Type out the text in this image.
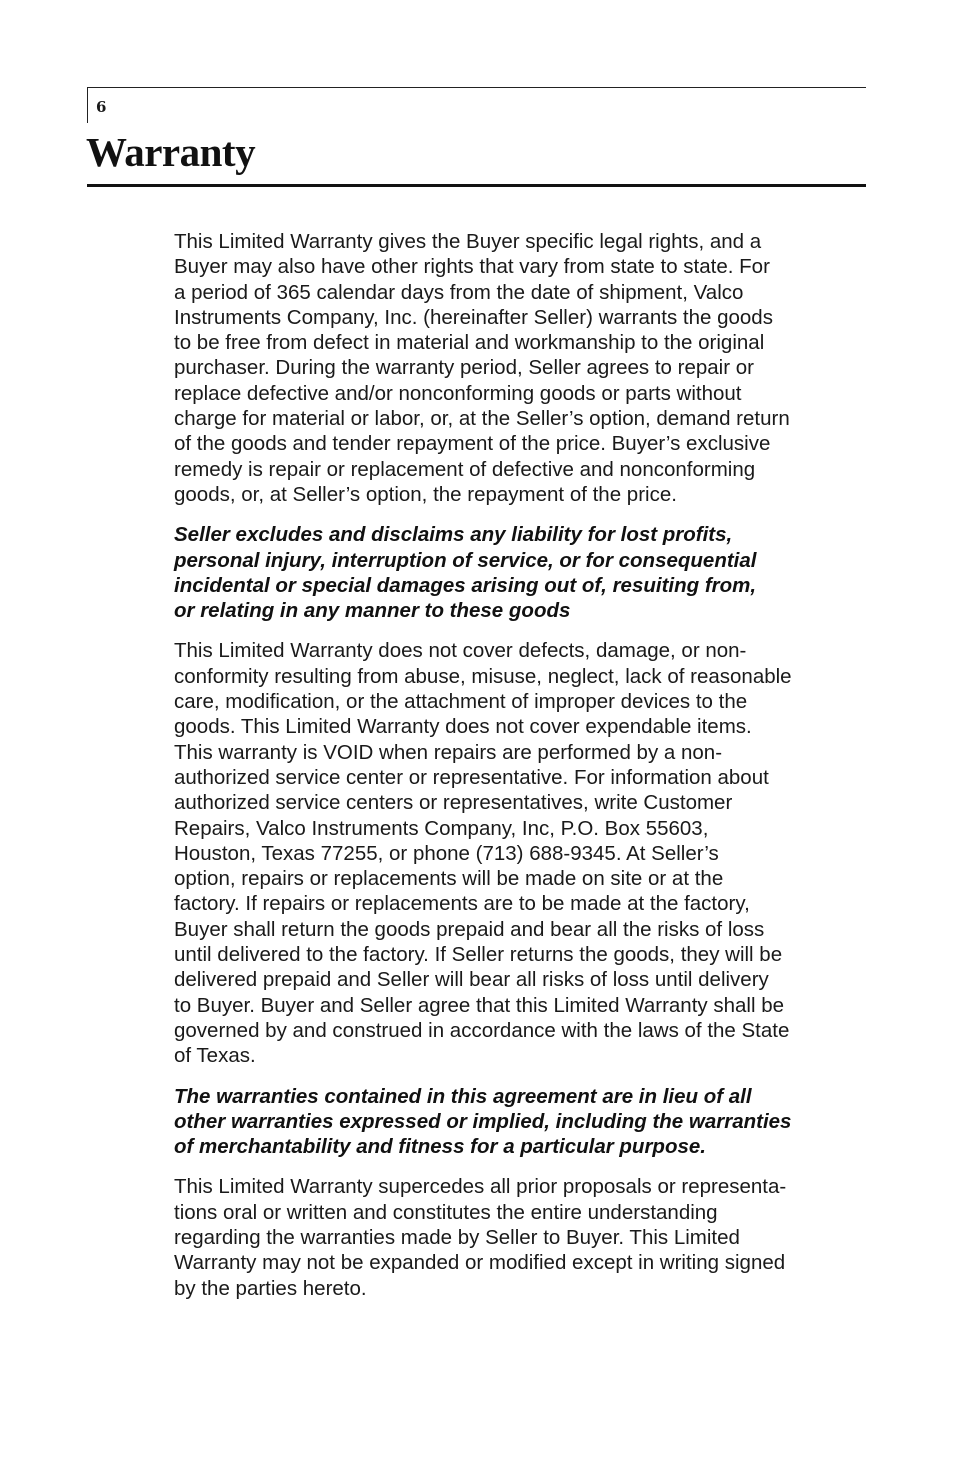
6
Warranty

This Limited Warranty gives the Buyer specific legal rights, and a
Buyer may also have other rights that vary from state to state. For
a period of 365 calendar days from the date of shipment, Valco
Instruments Company, Inc. (hereinafter Seller) warrants the goods
to be free from defect in material and workmanship to the original
purchaser. During the warranty period, Seller agrees to repair or
replace defective and/or nonconforming goods or parts without
charge for material or labor, or, at the Seller’s option, demand return
of the goods and tender repayment of the price. Buyer’s exclusive
remedy is repair or replacement of defective and nonconforming
goods, or, at Seller’s option, the repayment of the price.

Seller excludes and disclaims any liability for lost profits,
personal injury, interruption of service, or for consequential
incidental or special damages arising out of, resuiting from,
or relating in any manner to these goods

This Limited Warranty does not cover defects, damage, or non-
conformity resulting from abuse, misuse, neglect, lack of reasonable
care, modification, or the attachment of improper devices to the
goods. This Limited Warranty does not cover expendable items.
This warranty is VOID when repairs are performed by a non-
authorized service center or representative. For information about
authorized service centers or representatives, write Customer
Repairs, Valco Instruments Company, Inc, P.O. Box 55603,
Houston, Texas 77255, or phone (713) 688-9345. At Seller’s
option, repairs or replacements will be made on site or at the
factory. If repairs or replacements are to be made at the factory,
Buyer shall return the goods prepaid and bear all the risks of loss
until delivered to the factory. If Seller returns the goods, they will be
delivered prepaid and Seller will bear all risks of loss until delivery
to Buyer. Buyer and Seller agree that this Limited Warranty shall be
governed by and construed in accordance with the laws of the State
of Texas.

The warranties contained in this agreement are in lieu of all
other warranties expressed or implied, including the warranties
of merchantability and fitness for a particular purpose.

This Limited Warranty supercedes all prior proposals or representa-
tions oral or written and constitutes the entire understanding
regarding the warranties made by Seller to Buyer. This Limited
Warranty may not be expanded or modified except in writing signed
by the parties hereto.
